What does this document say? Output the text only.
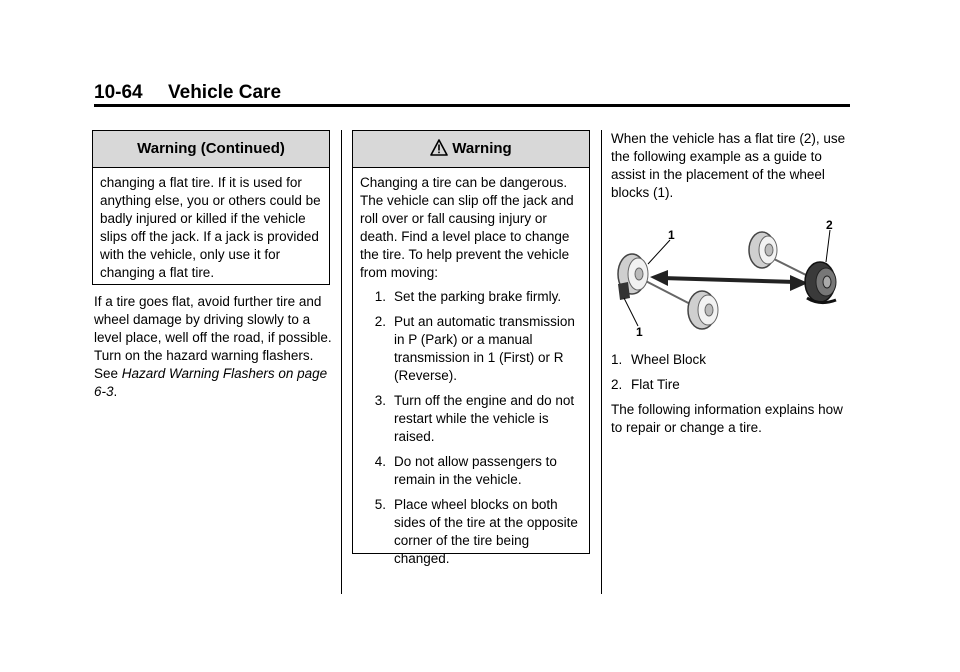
10-64 Vehicle Care
Warning (Continued)
changing a flat tire. If it is used for anything else, you or others could be badly injured or killed if the vehicle slips off the jack. If a jack is provided with the vehicle, only use it for changing a flat tire.
If a tire goes flat, avoid further tire and wheel damage by driving slowly to a level place, well off the road, if possible. Turn on the hazard warning flashers. See Hazard Warning Flashers on page 6-3.
Warning
Changing a tire can be dangerous. The vehicle can slip off the jack and roll over or fall causing injury or death. Find a level place to change the tire. To help prevent the vehicle from moving:
1. Set the parking brake firmly.
2. Put an automatic transmission in P (Park) or a manual transmission in 1 (First) or R (Reverse).
3. Turn off the engine and do not restart while the vehicle is raised.
4. Do not allow passengers to remain in the vehicle.
5. Place wheel blocks on both sides of the tire at the opposite corner of the tire being changed.
When the vehicle has a flat tire (2), use the following example as a guide to assist in the placement of the wheel blocks (1).
1
1
2
1. Wheel Block
2. Flat Tire
The following information explains how to repair or change a tire.
